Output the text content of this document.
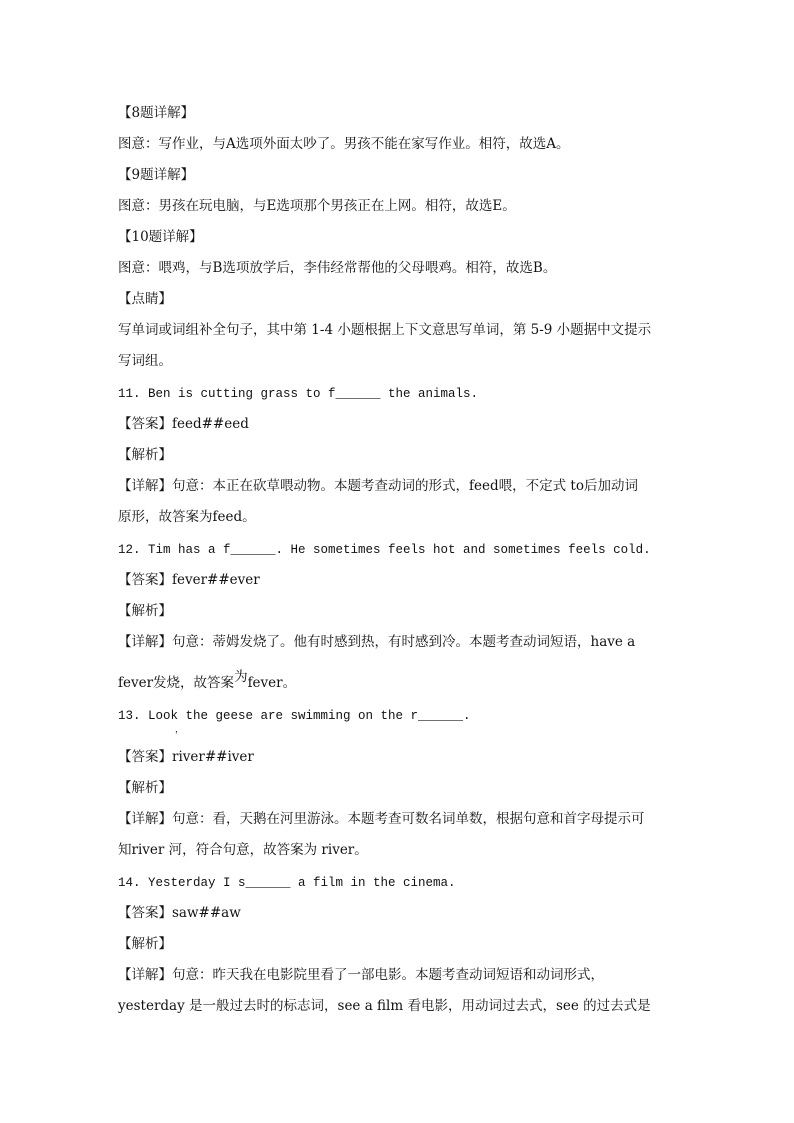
【8题详解】
图意：写作业，与A选项外面太吵了。男孩不能在家写作业。相符，故选A。
【9题详解】
图意：男孩在玩电脑，与E选项那个男孩正在上网。相符，故选E。
【10题详解】
图意：喂鸡，与B选项放学后，李伟经常帮他的父母喂鸡。相符，故选B。
【点睛】
写单词或词组补全句子，其中第 1-4 小题根据上下文意思写单词，第 5-9 小题据中文提示
写词组。
11. Ben is cutting grass to f______ the animals.
【答案】feed##eed
【解析】
【详解】句意：本正在砍草喂动物。本题考查动词的形式，feed喂，不定式 to后加动词
原形，故答案为feed。
12. Tim has a f______. He sometimes feels hot and sometimes feels cold.
【答案】fever##ever
【解析】
【详解】句意：蒂姆发烧了。他有时感到热，有时感到冷。本题考查动词短语，have a
fever发烧，故答案为fever。
13. Look the geese are swimming on the r______.
，
【答案】river##iver
【解析】
【详解】句意：看，天鹅在河里游泳。本题考查可数名词单数，根据句意和首字母提示可
知river 河，符合句意，故答案为 river。
14. Yesterday I s______ a film in the cinema.
【答案】saw##aw
【解析】
【详解】句意：昨天我在电影院里看了一部电影。本题考查动词短语和动词形式，
yesterday 是一般过去时的标志词，see a film 看电影，用动词过去式，see 的过去式是
